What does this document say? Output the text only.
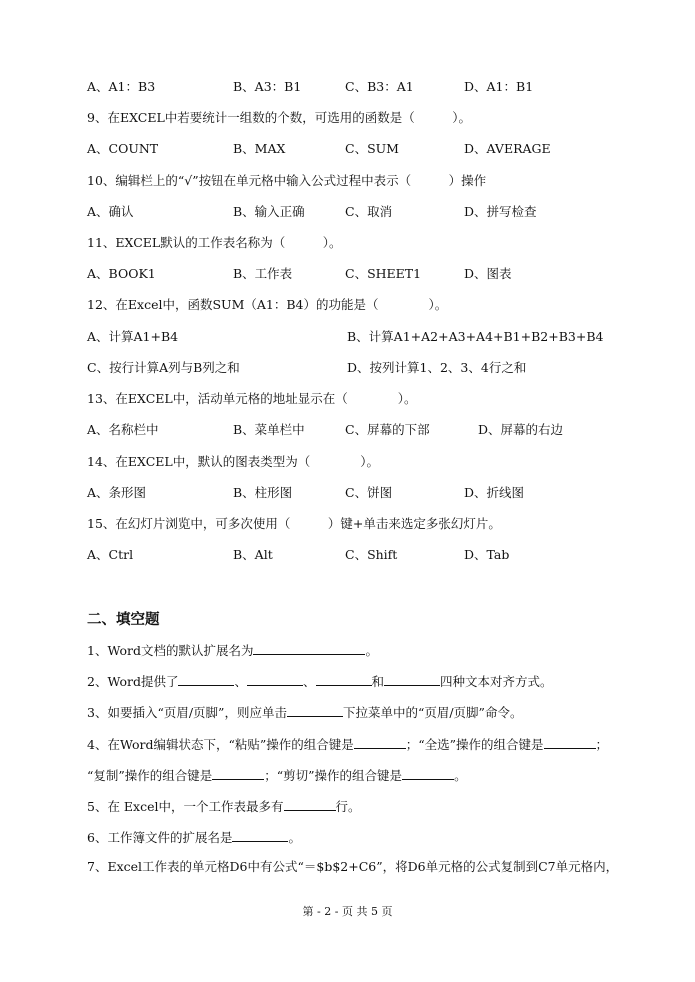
A、A1：B3	B、A3：B1	C、B3：A1	D、A1：B1
9、在EXCEL中若要统计一组数的个数，可选用的函数是（　　　）。
A、COUNT	B、MAX	C、SUM	D、AVERAGE
10、编辑栏上的“√”按钮在单元格中输入公式过程中表示（　　　）操作
A、确认	B、输入正确	C、取消	D、拼写检查
11、EXCEL默认的工作表名称为（　　　）。
A、BOOK1	B、工作表	C、SHEET1	D、图表
12、在Excel中，函数SUM（A1：B4）的功能是（　　　　）。
A、计算A1+B4	B、计算A1+A2+A3+A4+B1+B2+B3+B4
C、按行计算A列与B列之和	D、按列计算1、2、3、4行之和
13、在EXCEL中，活动单元格的地址显示在（　　　　）。
A、名称栏中	B、菜单栏中	C、屏幕的下部	D、屏幕的右边
14、在EXCEL中，默认的图表类型为（　　　　）。
A、条形图	B、柱形图	C、饼图	D、折线图
15、在幻灯片浏览中，可多次使用（　　　）键+单击来选定多张幻灯片。
A、Ctrl	B、Alt	C、Shift	D、Tab
二、填空题
1、Word文档的默认扩展名为	。
2、Word提供了	、	、	和	四种文本对齐方式。
3、如要插入“页眉/页脚”，则应单击	下拉菜单中的“页眉/页脚”命令。
4、在Word编辑状态下，“粘贴”操作的组合键是	；“全选”操作的组合键是	；
“复制”操作的组合键是	；“剪切”操作的组合键是	。
5、在 Excel中，一个工作表最多有	行。
6、工作簿文件的扩展名是	。
7、Excel工作表的单元格D6中有公式“＝$b$2+C6”，将D6单元格的公式复制到C7单元格内，
第 - 2 - 页 共 5 页
